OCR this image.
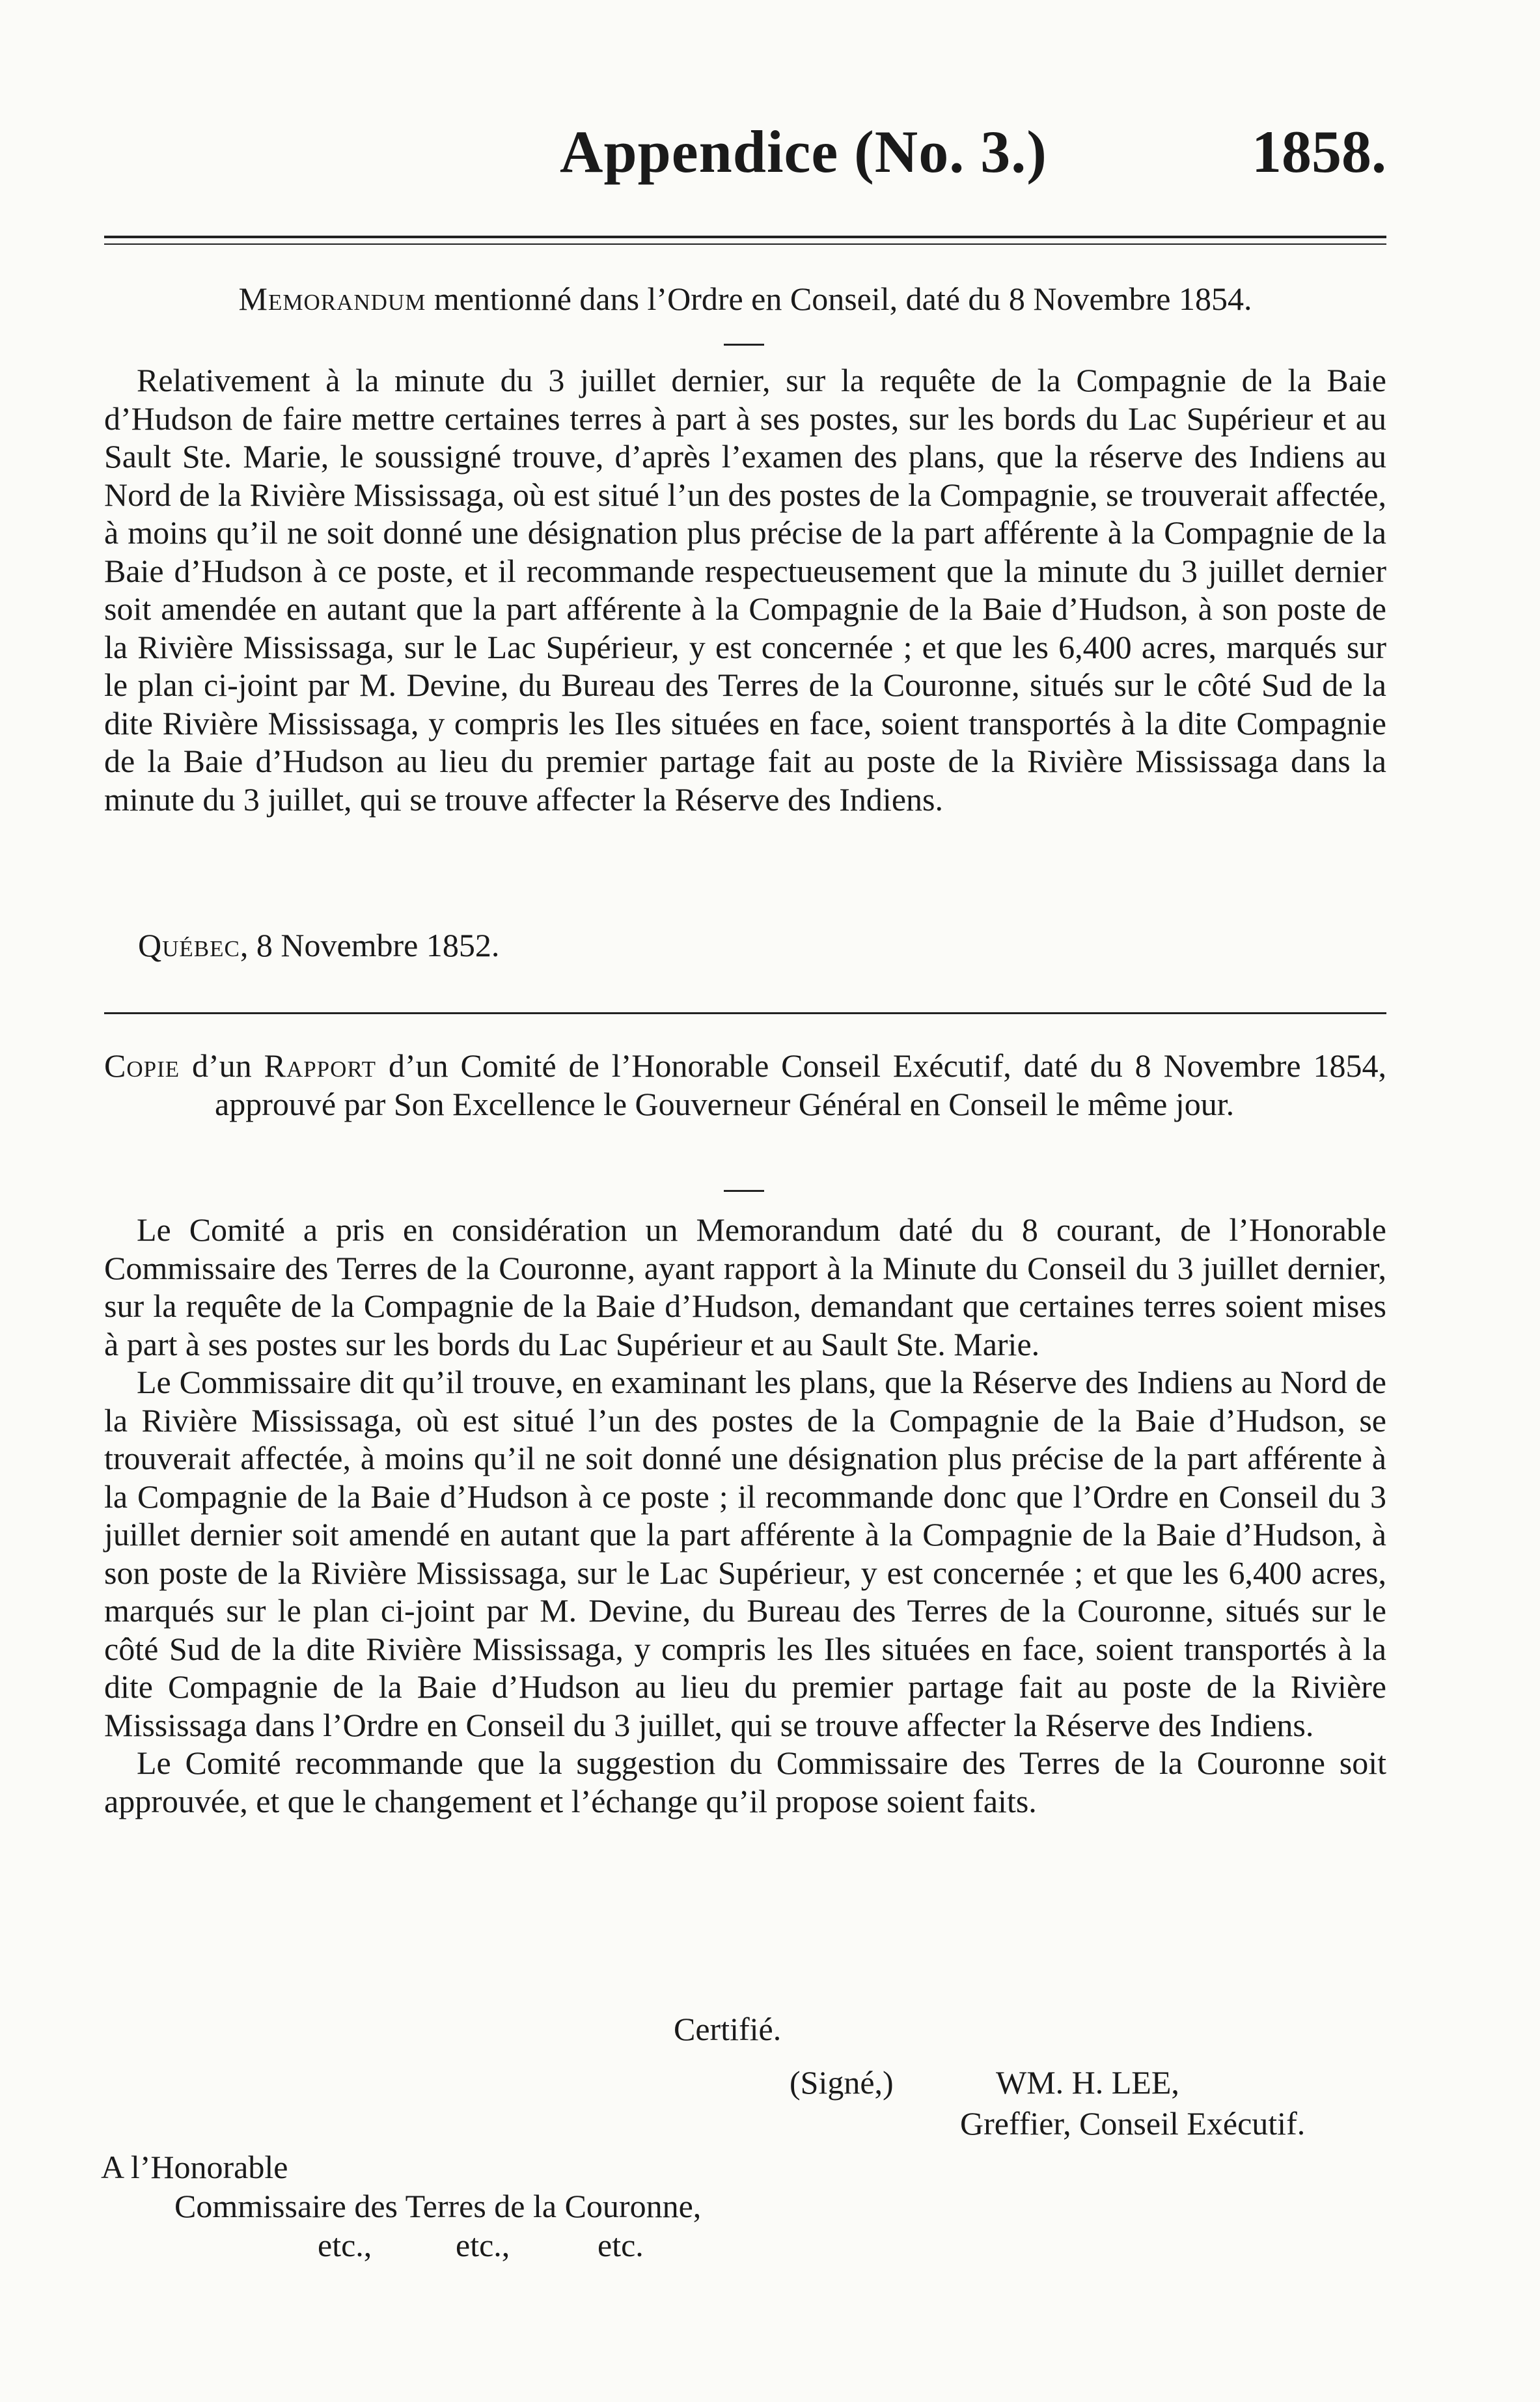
Appendice (No. 3.)	1858.
Memorandum mentionné dans l’Ordre en Conseil, daté du 8 Novembre 1854.

Relativement à la minute du 3 juillet dernier, sur la requête de la Compagnie de la Baie d’Hudson de faire mettre certaines terres à part à ses postes, sur les bords du Lac Supérieur et au Sault Ste. Marie, le soussigné trouve, d’après l’examen des plans, que la réserve des Indiens au Nord de la Rivière Mississaga, où est situé l’un des postes de la Compagnie, se trouverait affectée, à moins qu’il ne soit donné une désignation plus précise de la part afférente à la Compagnie de la Baie d’Hudson à ce poste, et il recommande respectueusement que la minute du 3 juillet dernier soit amendée en autant que la part afférente à la Compagnie de la Baie d’Hudson, à son poste de la Rivière Mississaga, sur le Lac Supérieur, y est concernée ; et que les 6,400 acres, marqués sur le plan ci-joint par M. Devine, du Bureau des Terres de la Couronne, situés sur le côté Sud de la dite Rivière Mississaga, y compris les Iles situées en face, soient transportés à la dite Compagnie de la Baie d’Hudson au lieu du premier partage fait au poste de la Rivière Mississaga dans la minute du 3 juillet, qui se trouve affecter la Réserve des Indiens.

Québec, 8 Novembre 1852.
Copie d’un Rapport d’un Comité de l’Honorable Conseil Exécutif, daté du 8 Novembre 1854, approuvé par Son Excellence le Gouverneur Général en Conseil le même jour.

Le Comité a pris en considération un Memorandum daté du 8 courant, de l’Honorable Commissaire des Terres de la Couronne, ayant rapport à la Minute du Conseil du 3 juillet dernier, sur la requête de la Compagnie de la Baie d’Hudson, demandant que certaines terres soient mises à part à ses postes sur les bords du Lac Supérieur et au Sault Ste. Marie.

Le Commissaire dit qu’il trouve, en examinant les plans, que la Réserve des Indiens au Nord de la Rivière Mississaga, où est situé l’un des postes de la Compagnie de la Baie d’Hudson, se trouverait affectée, à moins qu’il ne soit donné une désignation plus précise de la part afférente à la Compagnie de la Baie d’Hudson à ce poste ; il recommande donc que l’Ordre en Conseil du 3 juillet dernier soit amendé en autant que la part afférente à la Compagnie de la Baie d’Hudson, à son poste de la Rivière Mississaga, sur le Lac Supérieur, y est concernée ; et que les 6,400 acres, marqués sur le plan ci-joint par M. Devine, du Bureau des Terres de la Couronne, situés sur le côté Sud de la dite Rivière Mississaga, y compris les Iles situées en face, soient transportés à la dite Compagnie de la Baie d’Hudson au lieu du premier partage fait au poste de la Rivière Mississaga dans l’Ordre en Conseil du 3 juillet, qui se trouve affecter la Réserve des Indiens.

Le Comité recommande que la suggestion du Commissaire des Terres de la Couronne soit approuvée, et que le changement et l’échange qu’il propose soient faits.

Certifié.
(Signé,)	WM. H. LEE,
Greffier, Conseil Exécutif.
A l’Honorable
Commissaire des Terres de la Couronne,
etc.,	etc.,	etc.
